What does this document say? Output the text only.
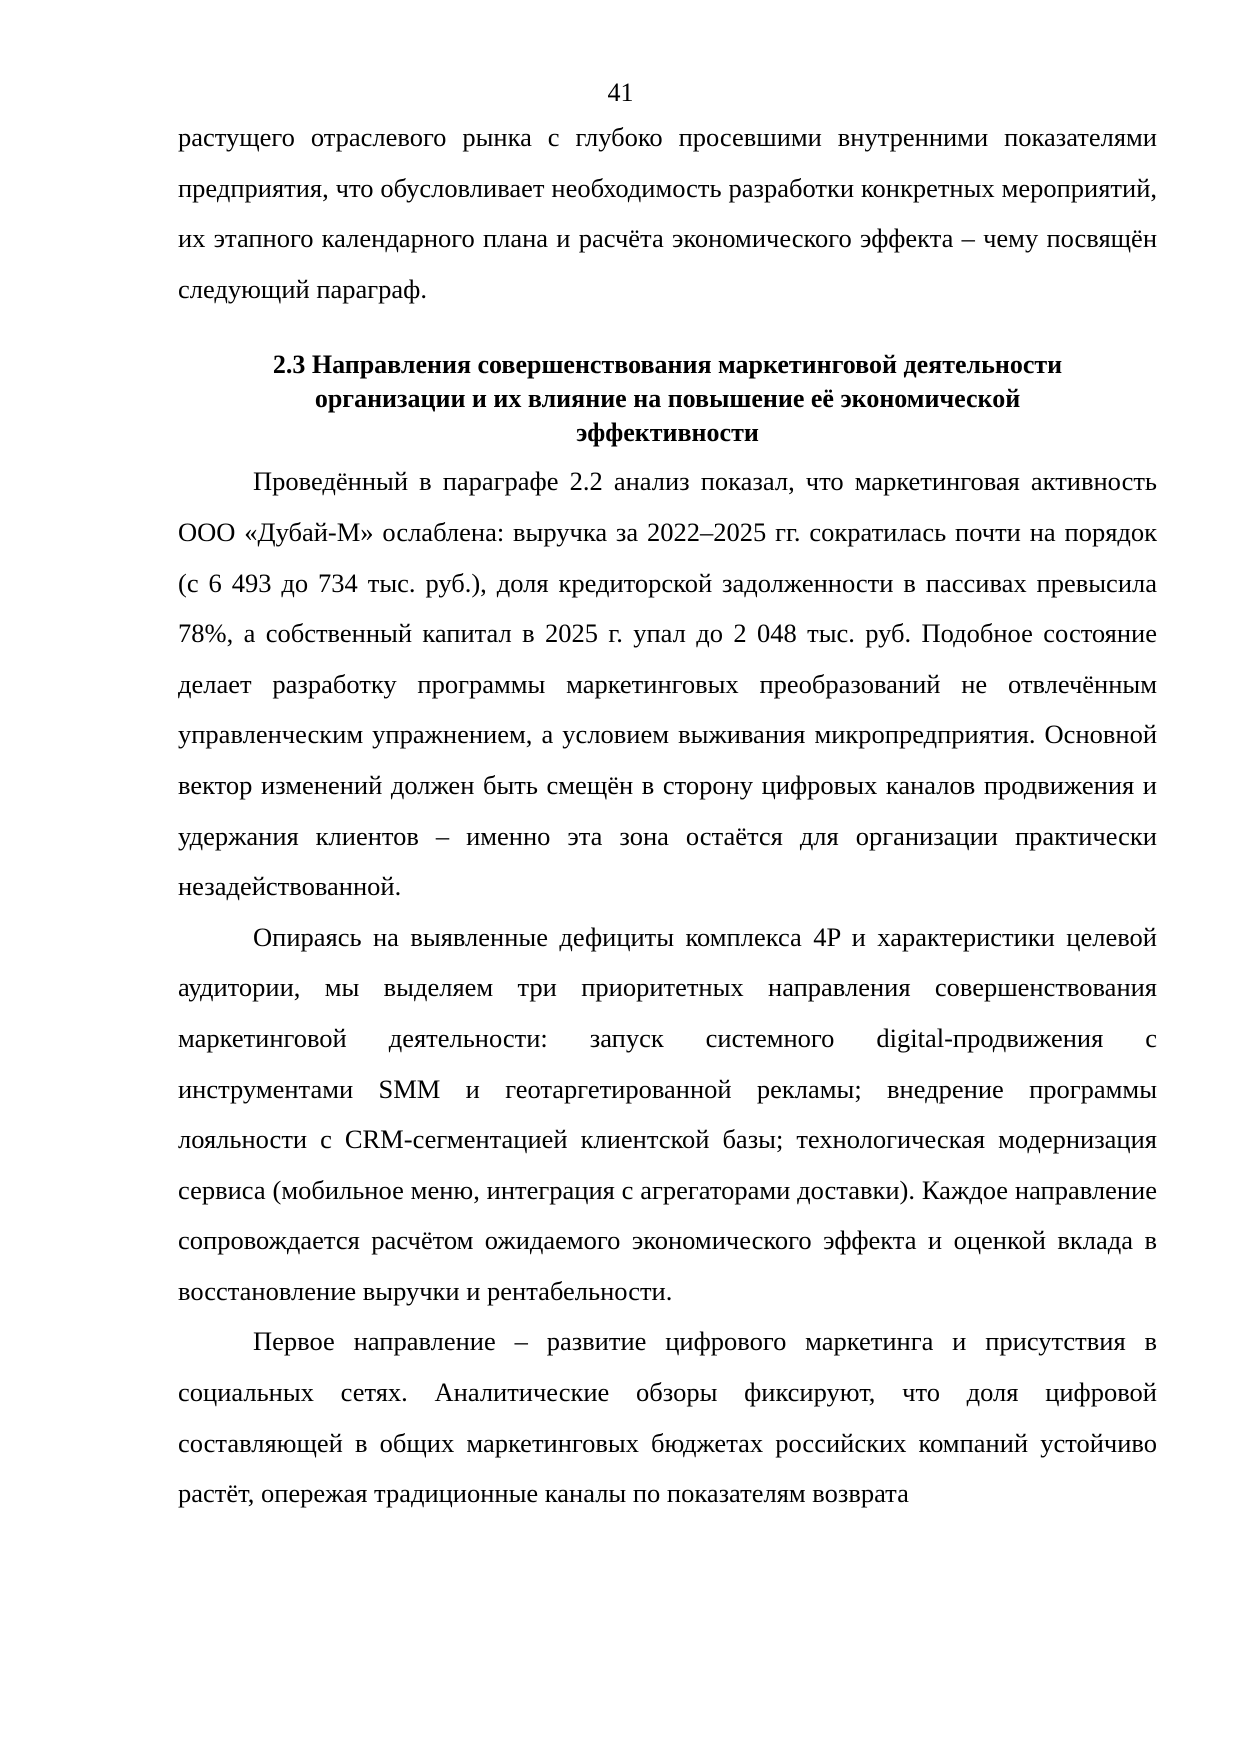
41

растущего отраслевого рынка с глубоко просевшими внутренними показателями предприятия, что обусловливает необходимость разработки конкретных мероприятий, их этапного календарного плана и расчёта экономического эффекта – чему посвящён следующий параграф.

2.3 Направления совершенствования маркетинговой деятельности
организации и их влияние на повышение её экономической
эффективности

Проведённый в параграфе 2.2 анализ показал, что маркетинговая активность ООО «Дубай-М» ослаблена: выручка за 2022–2025 гг. сократилась почти на порядок (с 6 493 до 734 тыс. руб.), доля кредиторской задолженности в пассивах превысила 78%, а собственный капитал в 2025 г. упал до 2 048 тыс. руб. Подобное состояние делает разработку программы маркетинговых преобразований не отвлечённым управленческим упражнением, а условием выживания микропредприятия. Основной вектор изменений должен быть смещён в сторону цифровых каналов продвижения и удержания клиентов – именно эта зона остаётся для организации практически незадействованной.

Опираясь на выявленные дефициты комплекса 4P и характеристики целевой аудитории, мы выделяем три приоритетных направления совершенствования маркетинговой деятельности: запуск системного digital-продвижения с инструментами SMM и геотаргетированной рекламы; внедрение программы лояльности с CRM-сегментацией клиентской базы; технологическая модернизация сервиса (мобильное меню, интеграция с агрегаторами доставки). Каждое направление сопровождается расчётом ожидаемого экономического эффекта и оценкой вклада в восстановление выручки и рентабельности.

Первое направление – развитие цифрового маркетинга и присутствия в социальных сетях. Аналитические обзоры фиксируют, что доля цифровой составляющей в общих маркетинговых бюджетах российских компаний устойчиво растёт, опережая традиционные каналы по показателям возврата
